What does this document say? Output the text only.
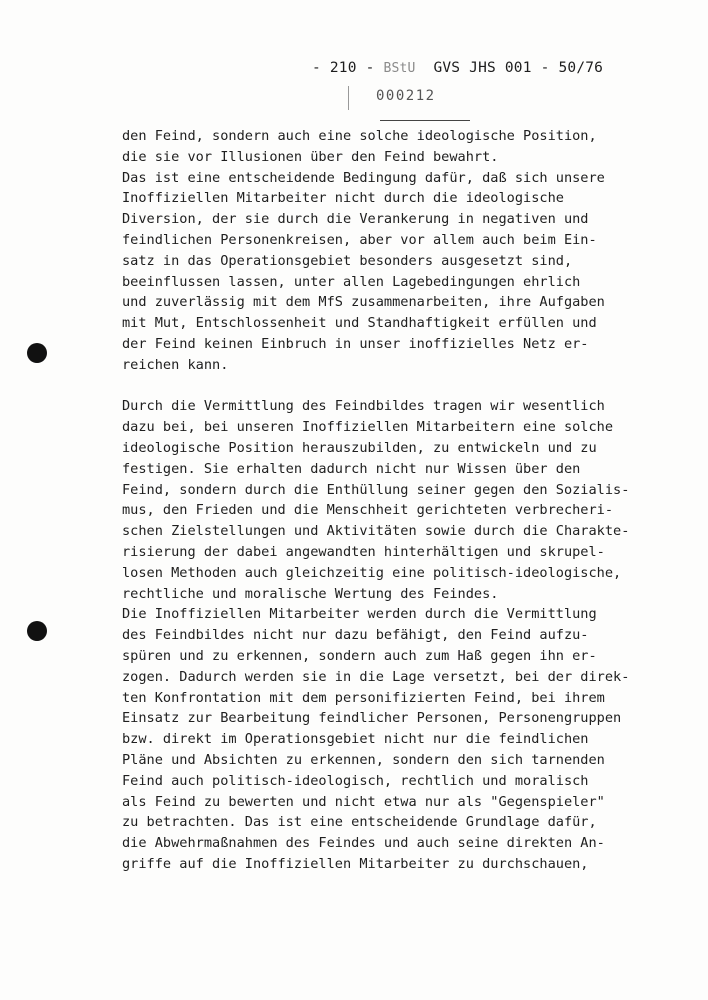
- 210 - BStU GVS JHS 001 - 50/76
000212
den Feind, sondern auch eine solche ideologische Position,
die sie vor Illusionen über den Feind bewahrt.
Das ist eine entscheidende Bedingung dafür, daß sich unsere
Inoffiziellen Mitarbeiter nicht durch die ideologische
Diversion, der sie durch die Verankerung in negativen und
feindlichen Personenkreisen, aber vor allem auch beim Ein-
satz in das Operationsgebiet besonders ausgesetzt sind,
beeinflussen lassen, unter allen Lagebedingungen ehrlich
und zuverlässig mit dem MfS zusammenarbeiten, ihre Aufgaben
mit Mut, Entschlossenheit und Standhaftigkeit erfüllen und
der Feind keinen Einbruch in unser inoffizielles Netz er-
reichen kann.
Durch die Vermittlung des Feindbildes tragen wir wesentlich
dazu bei, bei unseren Inoffiziellen Mitarbeitern eine solche
ideologische Position herauszubilden, zu entwickeln und zu
festigen. Sie erhalten dadurch nicht nur Wissen über den
Feind, sondern durch die Enthüllung seiner gegen den Sozialis-
mus, den Frieden und die Menschheit gerichteten verbrecheri-
schen Zielstellungen und Aktivitäten sowie durch die Charakte-
risierung der dabei angewandten hinterhältigen und skrupel-
losen Methoden auch gleichzeitig eine politisch-ideologische,
rechtliche und moralische Wertung des Feindes.
Die Inoffiziellen Mitarbeiter werden durch die Vermittlung
des Feindbildes nicht nur dazu befähigt, den Feind aufzu-
spüren und zu erkennen, sondern auch zum Haß gegen ihn er-
zogen. Dadurch werden sie in die Lage versetzt, bei der direk-
ten Konfrontation mit dem personifizierten Feind, bei ihrem
Einsatz zur Bearbeitung feindlicher Personen, Personengruppen
bzw. direkt im Operationsgebiet nicht nur die feindlichen
Pläne und Absichten zu erkennen, sondern den sich tarnenden
Feind auch politisch-ideologisch, rechtlich und moralisch
als Feind zu bewerten und nicht etwa nur als "Gegenspieler"
zu betrachten. Das ist eine entscheidende Grundlage dafür,
die Abwehrmaßnahmen des Feindes und auch seine direkten An-
griffe auf die Inoffiziellen Mitarbeiter zu durchschauen,
